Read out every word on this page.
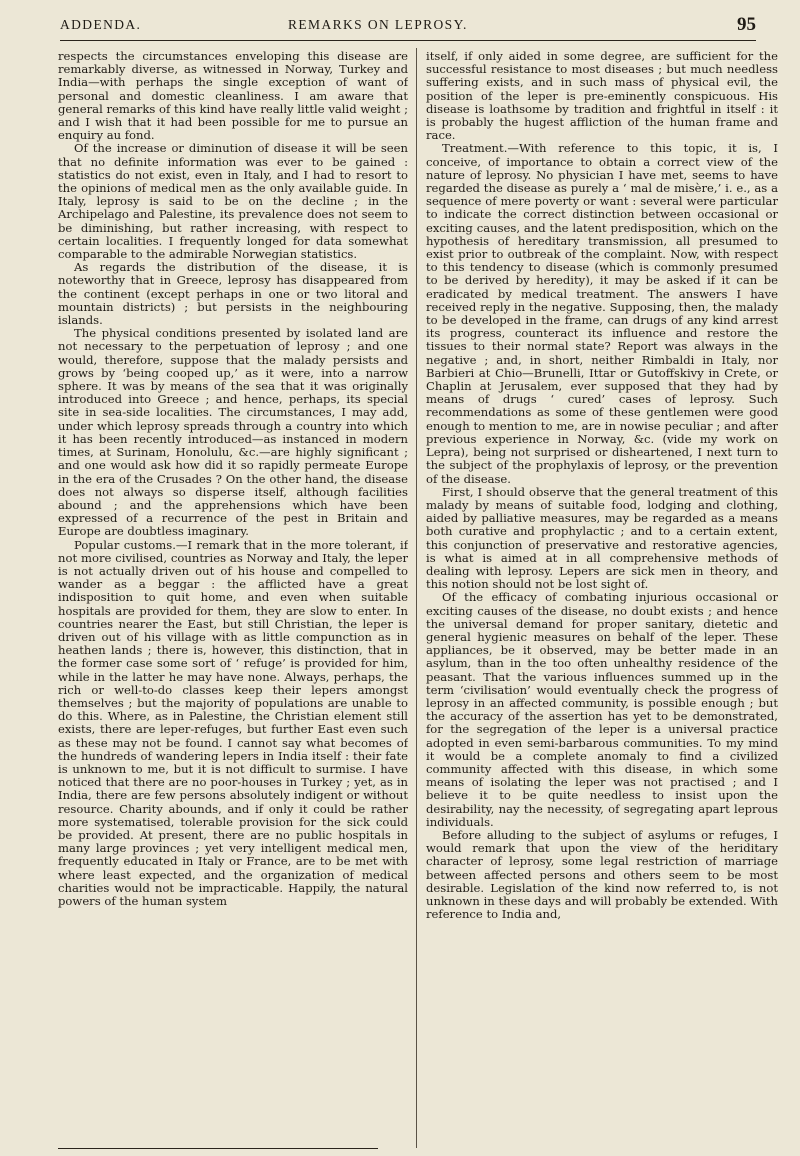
ADDENDA.	REMARKS ON LEPROSY.	95

respects the circumstances enveloping this disease are remarkably diverse, as witnessed in Norway, Turkey and India—with perhaps the single exception of want of personal and domestic cleanliness. I am aware that general remarks of this kind have really little valid weight ; and I wish that it had been possible for me to pursue an enquiry au fond.

Of the increase or diminution of disease it will be seen that no definite information was ever to be gained : statistics do not exist, even in Italy, and I had to resort to the opinions of medical men as the only available guide. In Italy, leprosy is said to be on the decline ; in the Archipelago and Palestine, its prevalence does not seem to be diminishing, but rather increasing, with respect to certain localities. I frequently longed for data somewhat comparable to the admirable Norwegian statistics.

As regards the distribution of the disease, it is noteworthy that in Greece, leprosy has disappeared from the continent (except perhaps in one or two litoral and mountain districts) ; but persists in the neighbouring islands.

The physical conditions presented by isolated land are not necessary to the perpetuation of leprosy ; and one would, therefore, suppose that the malady persists and grows by ‘being cooped up,’ as it were, into a narrow sphere. It was by means of the sea that it was originally introduced into Greece ; and hence, perhaps, its special site in sea-side localities. The circumstances, I may add, under which leprosy spreads through a country into which it has been recently introduced—as instanced in modern times, at Surinam, Honolulu, &c.—are highly significant ; and one would ask how did it so rapidly permeate Europe in the era of the Crusades ? On the other hand, the disease does not always so disperse itself, although facilities abound ; and the apprehensions which have been expressed of a recurrence of the pest in Britain and Europe are doubtless imaginary.

Popular customs.—I remark that in the more tolerant, if not more civilised, countries as Norway and Italy, the leper is not actually driven out of his house and compelled to wander as a beggar : the afflicted have a great indisposition to quit home, and even when suitable hospitals are provided for them, they are slow to enter. In countries nearer the East, but still Christian, the leper is driven out of his village with as little compunction as in heathen lands ; there is, however, this distinction, that in the former case some sort of ‘ refuge’ is provided for him, while in the latter he may have none. Always, perhaps, the rich or well-to-do classes keep their lepers amongst themselves ; but the majority of populations are unable to do this. Where, as in Palestine, the Christian element still exists, there are leper-refuges, but further East even such as these may not be found. I cannot say what becomes of the hundreds of wandering lepers in India itself : their fate is unknown to me, but it is not difficult to surmise. I have noticed that there are no poor-houses in Turkey ; yet, as in India, there are few persons absolutely indigent or without resource. Charity abounds, and if only it could be rather more systematised, tolerable provision for the sick could be provided. At present, there are no public hospitals in many large provinces ; yet very intelligent medical men, frequently educated in Italy or France, are to be met with where least expected, and the organization of medical charities would not be impracticable. Happily, the natural powers of the human system

itself, if only aided in some degree, are sufficient for the successful resistance to most diseases ; but much needless suffering exists, and in such mass of physical evil, the position of the leper is pre-eminently conspicuous. His disease is loathsome by tradition and frightful in itself : it is probably the hugest affliction of the human frame and race.

Treatment.—With reference to this topic, it is, I conceive, of importance to obtain a correct view of the nature of leprosy. No physician I have met, seems to have regarded the disease as purely a ‘ mal de misère,’ i. e., as a sequence of mere poverty or want : several were particular to indicate the correct distinction between occasional or exciting causes, and the latent predisposition, which on the hypothesis of hereditary transmission, all presumed to exist prior to outbreak of the complaint. Now, with respect to this tendency to disease (which is commonly presumed to be derived by heredity), it may be asked if it can be eradicated by medical treatment. The answers I have received reply in the negative. Supposing, then, the malady to be developed in the frame, can drugs of any kind arrest its progress, counteract its influence and restore the tissues to their normal state? Report was always in the negative ; and, in short, neither Rimbaldi in Italy, nor Barbieri at Chio—Brunelli, Ittar or Gutoffskivy in Crete, or Chaplin at Jerusalem, ever supposed that they had by means of drugs ‘ cured’ cases of leprosy. Such recommendations as some of these gentlemen were good enough to mention to me, are in nowise peculiar ; and after previous experience in Norway, &c. (vide my work on Lepra), being not surprised or disheartened, I next turn to the subject of the prophylaxis of leprosy, or the prevention of the disease.

First, I should observe that the general treatment of this malady by means of suitable food, lodging and clothing, aided by palliative measures, may be regarded as a means both curative and prophylactic ; and to a certain extent, this conjunction of preservative and restorative agencies, is what is aimed at in all comprehensive methods of dealing with leprosy. Lepers are sick men in theory, and this notion should not be lost sight of.

Of the efficacy of combating injurious occasional or exciting causes of the disease, no doubt exists ; and hence the universal demand for proper sanitary, dietetic and general hygienic measures on behalf of the leper. These appliances, be it observed, may be better made in an asylum, than in the too often unhealthy residence of the peasant. That the various influences summed up in the term ‘civilisation’ would eventually check the progress of leprosy in an affected community, is possible enough ; but the accuracy of the assertion has yet to be demonstrated, for the segregation of the leper is a universal practice adopted in even semi-barbarous communities. To my mind it would be a complete anomaly to find a civilized community affected with this disease, in which some means of isolating the leper was not practised ; and I believe it to be quite needless to insist upon the desirability, nay the necessity, of segregating apart leprous individuals.

Before alluding to the subject of asylums or refuges, I would remark that upon the view of the heriditary character of leprosy, some legal restriction of marriage between affected persons and others seem to be most desirable. Legislation of the kind now referred to, is not unknown in these days and will probably be extended. With reference to India and,
